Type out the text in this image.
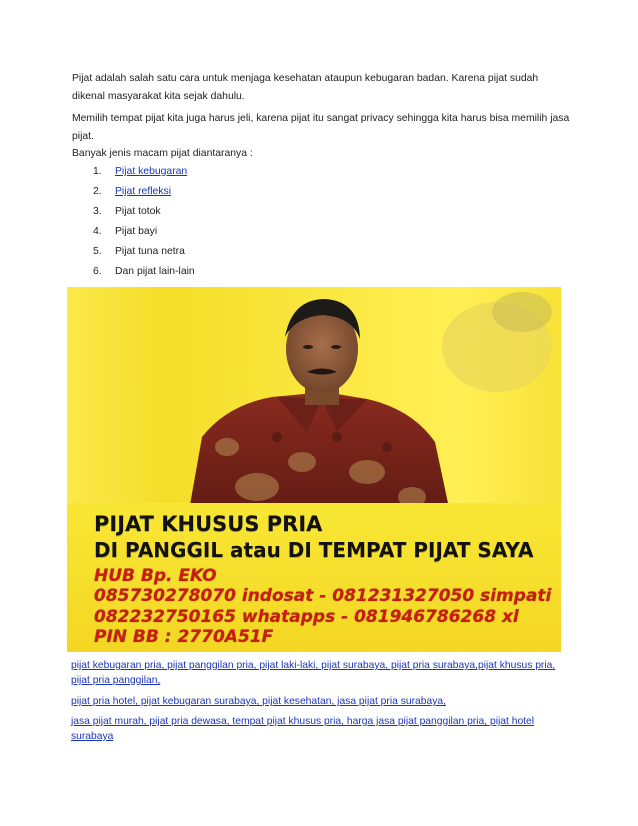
Pijat adalah salah satu cara untuk menjaga kesehatan ataupun kebugaran badan. Karena pijat sudah dikenal masyarakat kita sejak dahulu.

Memilih tempat pijat kita juga harus jeli, karena pijat itu sangat privacy sehingga kita harus bisa memilih jasa pijat.

Banyak jenis macam pijat diantaranya :

1.	Pijat kebugaran
2.	Pijat refleksi
3.	Pijat totok
4.	Pijat bayi
5.	Pijat tuna netra
6.	Dan pijat lain-lain

PIJAT KHUSUS PRIA

DI PANGGIL atau DI TEMPAT PIJAT SAYA

HUB Bp. EKO

085730278070 indosat - 081231327050 simpati

082232750165 whatapps - 081946786268 xl

PIN BB : 2770A51F

pijat kebugaran pria, pijat panggilan pria, pijat laki-laki, pijat surabaya, pijat pria surabaya,pijat khusus pria, pijat pria panggilan,

pijat pria hotel, pijat kebugaran surabaya, pijat kesehatan, jasa pijat pria surabaya,

jasa pijat murah, pijat pria dewasa, tempat pijat khusus pria, harga jasa pijat panggilan pria, pijat hotel surabaya
